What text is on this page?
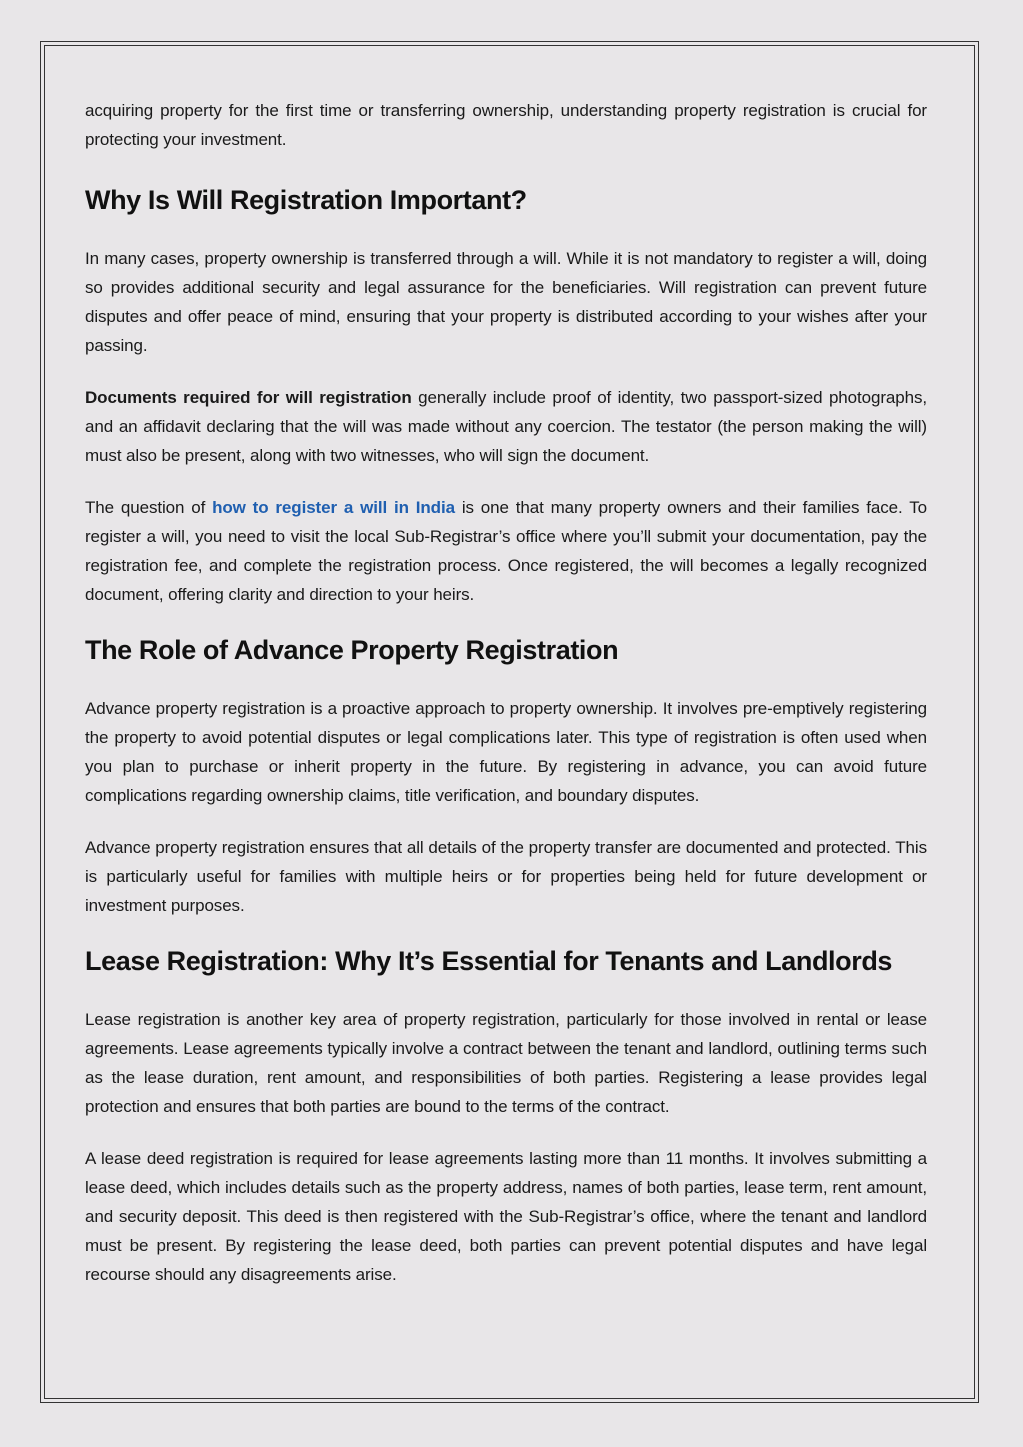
acquiring property for the first time or transferring ownership, understanding property registration is crucial for protecting your investment.

Why Is Will Registration Important?

In many cases, property ownership is transferred through a will. While it is not mandatory to register a will, doing so provides additional security and legal assurance for the beneficiaries. Will registration can prevent future disputes and offer peace of mind, ensuring that your property is distributed according to your wishes after your passing.

Documents required for will registration generally include proof of identity, two passport-sized photographs, and an affidavit declaring that the will was made without any coercion. The testator (the person making the will) must also be present, along with two witnesses, who will sign the document.

The question of how to register a will in India is one that many property owners and their families face. To register a will, you need to visit the local Sub-Registrar’s office where you’ll submit your documentation, pay the registration fee, and complete the registration process. Once registered, the will becomes a legally recognized document, offering clarity and direction to your heirs.

The Role of Advance Property Registration

Advance property registration is a proactive approach to property ownership. It involves pre-emptively registering the property to avoid potential disputes or legal complications later. This type of registration is often used when you plan to purchase or inherit property in the future. By registering in advance, you can avoid future complications regarding ownership claims, title verification, and boundary disputes.

Advance property registration ensures that all details of the property transfer are documented and protected. This is particularly useful for families with multiple heirs or for properties being held for future development or investment purposes.

Lease Registration: Why It’s Essential for Tenants and Landlords

Lease registration is another key area of property registration, particularly for those involved in rental or lease agreements. Lease agreements typically involve a contract between the tenant and landlord, outlining terms such as the lease duration, rent amount, and responsibilities of both parties. Registering a lease provides legal protection and ensures that both parties are bound to the terms of the contract.

A lease deed registration is required for lease agreements lasting more than 11 months. It involves submitting a lease deed, which includes details such as the property address, names of both parties, lease term, rent amount, and security deposit. This deed is then registered with the Sub-Registrar’s office, where the tenant and landlord must be present. By registering the lease deed, both parties can prevent potential disputes and have legal recourse should any disagreements arise.
